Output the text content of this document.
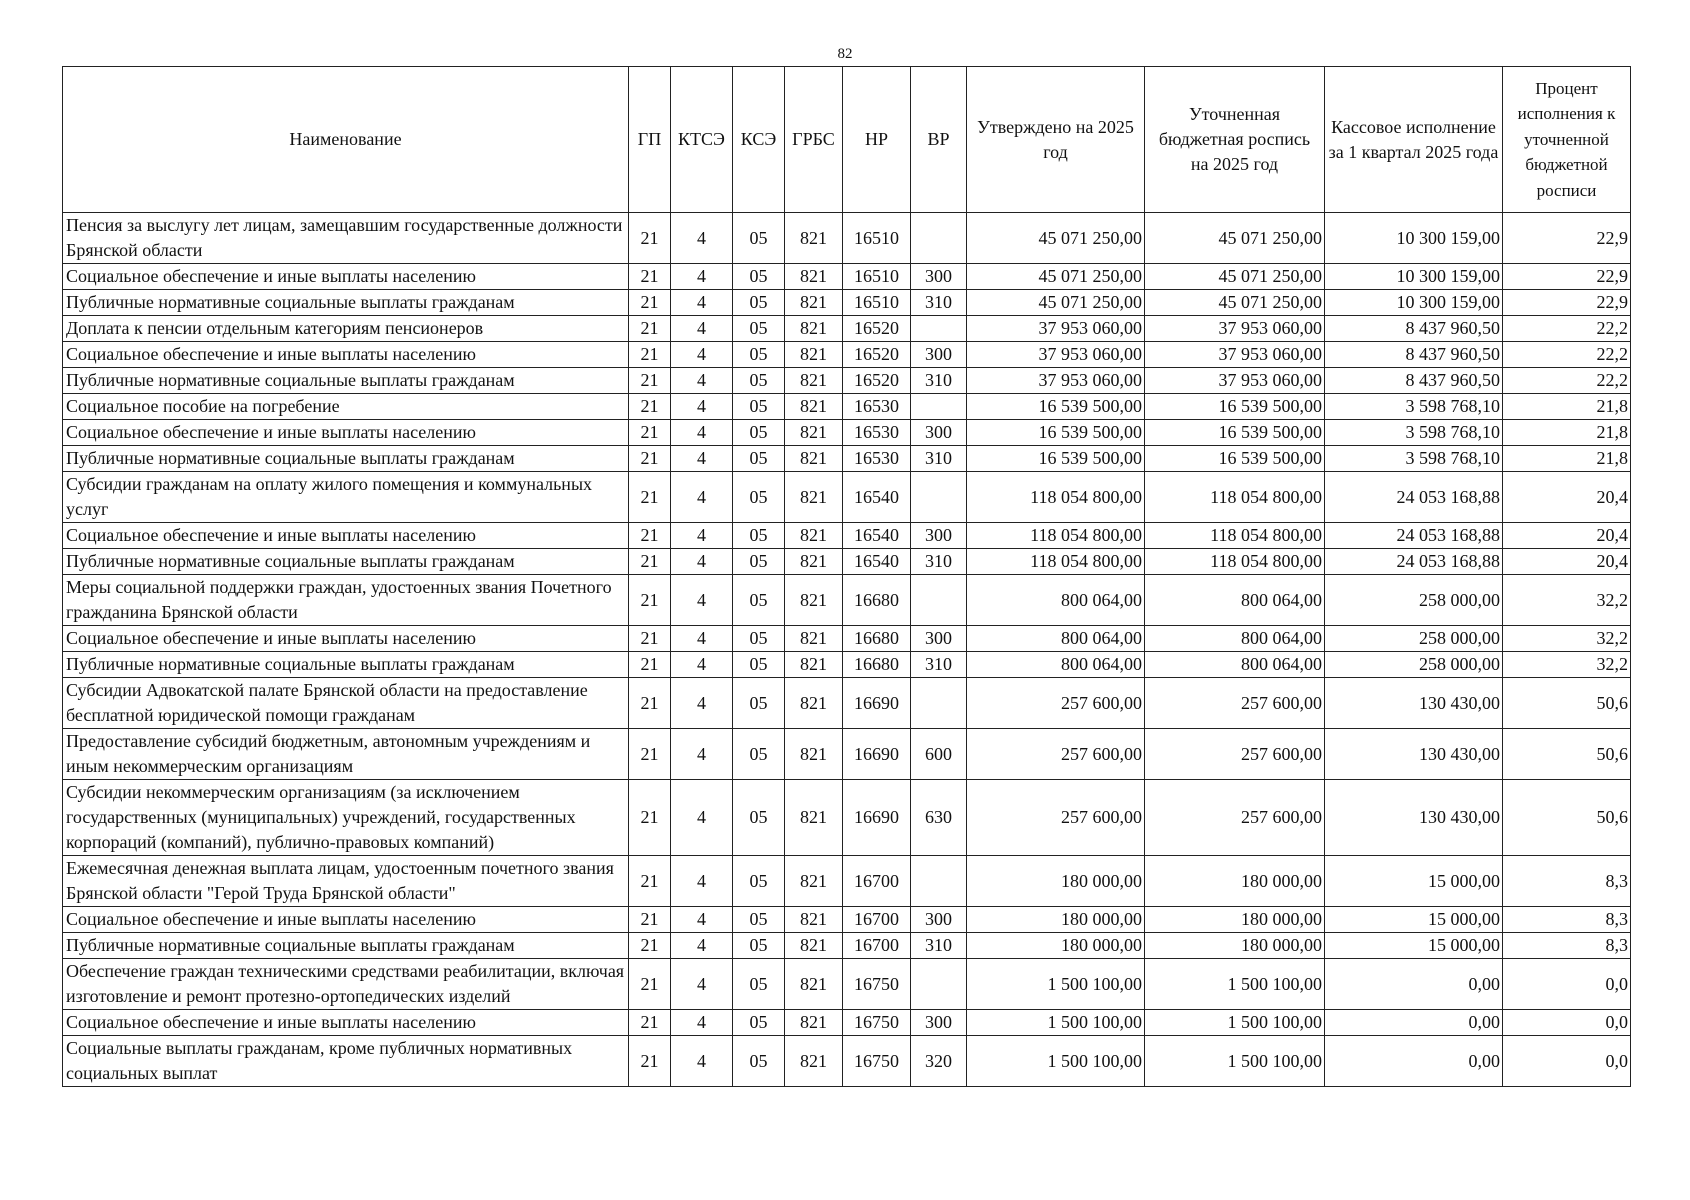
82
Наименование	ГП	КТСЭ	КСЭ	ГРБС	НР	ВР	Утверждено на 2025 год	Уточненная бюджетная роспись на 2025 год	Кассовое исполнение за 1 квартал 2025 года	Процент исполнения к уточненной бюджетной росписи
Пенсия за выслугу лет лицам, замещавшим государственные должности Брянской области	21	4	05	821	16510		45 071 250,00	45 071 250,00	10 300 159,00	22,9
Социальное обеспечение и иные выплаты населению	21	4	05	821	16510	300	45 071 250,00	45 071 250,00	10 300 159,00	22,9
Публичные нормативные социальные выплаты гражданам	21	4	05	821	16510	310	45 071 250,00	45 071 250,00	10 300 159,00	22,9
Доплата к пенсии отдельным категориям пенсионеров	21	4	05	821	16520		37 953 060,00	37 953 060,00	8 437 960,50	22,2
Социальное обеспечение и иные выплаты населению	21	4	05	821	16520	300	37 953 060,00	37 953 060,00	8 437 960,50	22,2
Публичные нормативные социальные выплаты гражданам	21	4	05	821	16520	310	37 953 060,00	37 953 060,00	8 437 960,50	22,2
Социальное пособие на погребение	21	4	05	821	16530		16 539 500,00	16 539 500,00	3 598 768,10	21,8
Социальное обеспечение и иные выплаты населению	21	4	05	821	16530	300	16 539 500,00	16 539 500,00	3 598 768,10	21,8
Публичные нормативные социальные выплаты гражданам	21	4	05	821	16530	310	16 539 500,00	16 539 500,00	3 598 768,10	21,8
Субсидии гражданам на оплату жилого помещения и коммунальных услуг	21	4	05	821	16540		118 054 800,00	118 054 800,00	24 053 168,88	20,4
Социальное обеспечение и иные выплаты населению	21	4	05	821	16540	300	118 054 800,00	118 054 800,00	24 053 168,88	20,4
Публичные нормативные социальные выплаты гражданам	21	4	05	821	16540	310	118 054 800,00	118 054 800,00	24 053 168,88	20,4
Меры социальной поддержки граждан, удостоенных звания Почетного гражданина Брянской области	21	4	05	821	16680		800 064,00	800 064,00	258 000,00	32,2
Социальное обеспечение и иные выплаты населению	21	4	05	821	16680	300	800 064,00	800 064,00	258 000,00	32,2
Публичные нормативные социальные выплаты гражданам	21	4	05	821	16680	310	800 064,00	800 064,00	258 000,00	32,2
Субсидии Адвокатской палате Брянской области на предоставление бесплатной юридической помощи гражданам	21	4	05	821	16690		257 600,00	257 600,00	130 430,00	50,6
Предоставление субсидий бюджетным, автономным учреждениям и иным некоммерческим организациям	21	4	05	821	16690	600	257 600,00	257 600,00	130 430,00	50,6
Субсидии некоммерческим организациям (за исключением государственных (муниципальных) учреждений, государственных корпораций (компаний), публично-правовых компаний)	21	4	05	821	16690	630	257 600,00	257 600,00	130 430,00	50,6
Ежемесячная денежная выплата лицам, удостоенным почетного звания Брянской области "Герой Труда Брянской области"	21	4	05	821	16700		180 000,00	180 000,00	15 000,00	8,3
Социальное обеспечение и иные выплаты населению	21	4	05	821	16700	300	180 000,00	180 000,00	15 000,00	8,3
Публичные нормативные социальные выплаты гражданам	21	4	05	821	16700	310	180 000,00	180 000,00	15 000,00	8,3
Обеспечение граждан техническими средствами реабилитации, включая изготовление и ремонт протезно-ортопедических изделий	21	4	05	821	16750		1 500 100,00	1 500 100,00	0,00	0,0
Социальное обеспечение и иные выплаты населению	21	4	05	821	16750	300	1 500 100,00	1 500 100,00	0,00	0,0
Социальные выплаты гражданам, кроме публичных нормативных социальных выплат	21	4	05	821	16750	320	1 500 100,00	1 500 100,00	0,00	0,0
